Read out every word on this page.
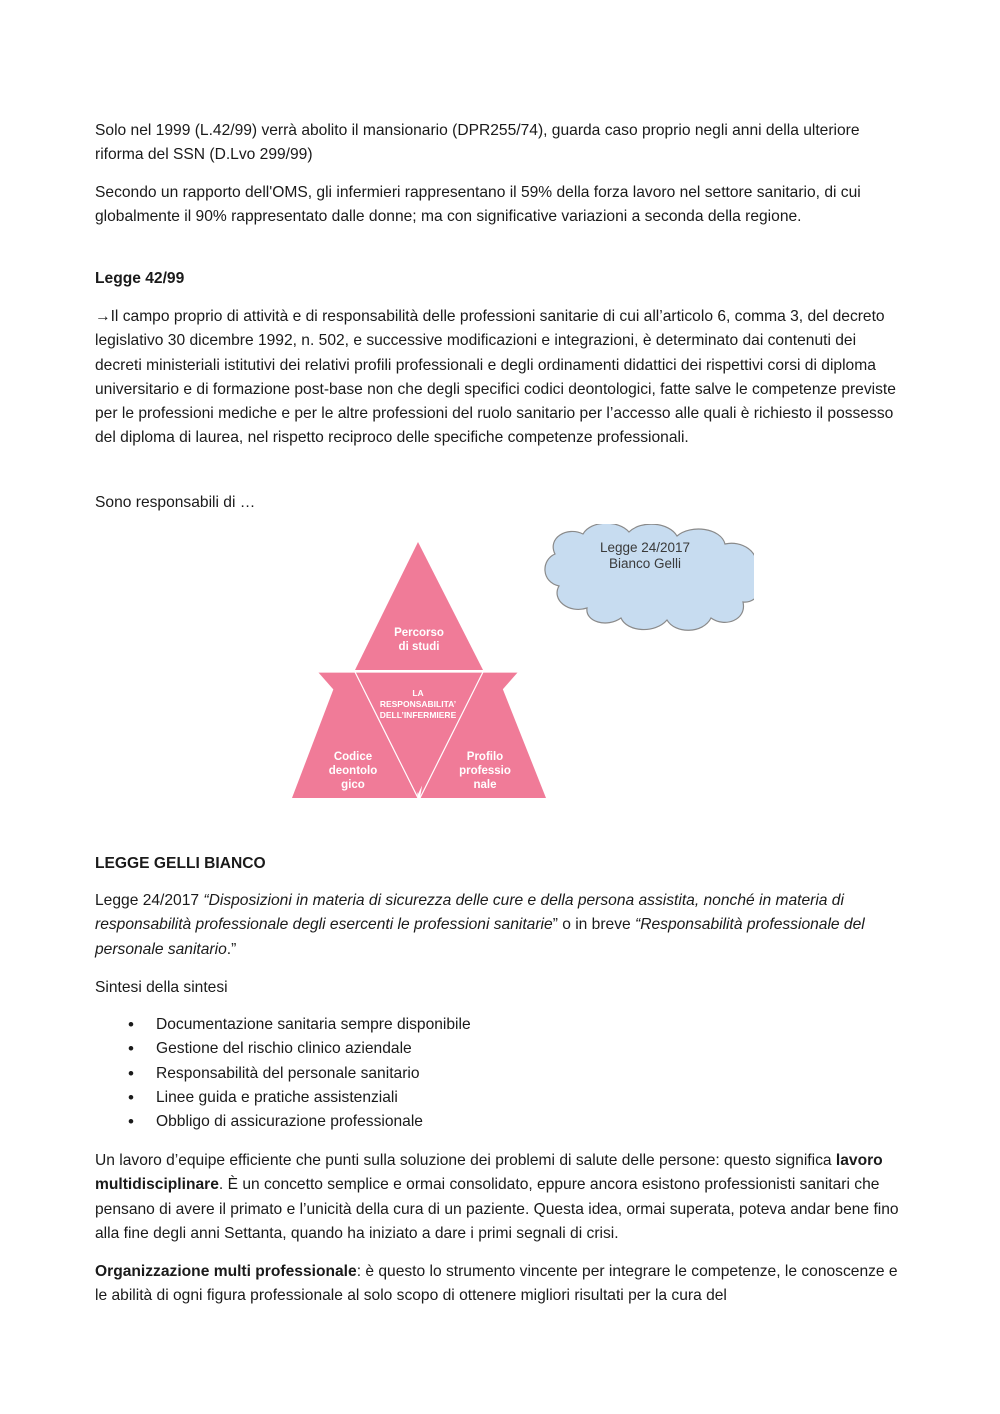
Solo nel 1999 (L.42/99) verrà abolito il mansionario (DPR255/74), guarda caso proprio negli anni della ulteriore riforma del SSN (D.Lvo 299/99)

Secondo un rapporto dell'OMS, gli infermieri rappresentano il 59% della forza lavoro nel settore sanitario, di cui globalmente il 90% rappresentato dalle donne; ma con significative variazioni a seconda della regione.

Legge 42/99

→Il campo proprio di attività e di responsabilità delle professioni sanitarie di cui all’articolo 6, comma 3, del decreto legislativo 30 dicembre 1992, n. 502, e successive modificazioni e integrazioni, è determinato dai contenuti dei decreti ministeriali istitutivi dei relativi profili professionali e degli ordinamenti didattici dei rispettivi corsi di diploma universitario e di formazione post-base non che degli specifici codici deontologici, fatte salve le competenze previste per le professioni mediche e per le altre professioni del ruolo sanitario per l’accesso alle quali è richiesto il possesso del diploma di laurea, nel rispetto reciproco delle specifiche competenze professionali.

Sono responsabili di …

Legge 24/2017
Bianco Gelli
Percorso
di studi
LA
RESPONSABILITA’
DELL’INFERMIERE
Codice
deontolo
gico
Profilo
professio
nale

LEGGE GELLI BIANCO

Legge 24/2017 “Disposizioni in materia di sicurezza delle cure e della persona assistita, nonché in materia di responsabilità professionale degli esercenti le professioni sanitarie” o in breve “Responsabilità professionale del personale sanitario.”

Sintesi della sintesi

• Documentazione sanitaria sempre disponibile
• Gestione del rischio clinico aziendale
• Responsabilità del personale sanitario
• Linee guida e pratiche assistenziali
• Obbligo di assicurazione professionale

Un lavoro d’equipe efficiente che punti sulla soluzione dei problemi di salute delle persone: questo significa lavoro multidisciplinare. È un concetto semplice e ormai consolidato, eppure ancora esistono professionisti sanitari che pensano di avere il primato e l’unicità della cura di un paziente. Questa idea, ormai superata, poteva andar bene fino alla fine degli anni Settanta, quando ha iniziato a dare i primi segnali di crisi.

Organizzazione multi professionale: è questo lo strumento vincente per integrare le competenze, le conoscenze e le abilità di ogni figura professionale al solo scopo di ottenere migliori risultati per la cura del
